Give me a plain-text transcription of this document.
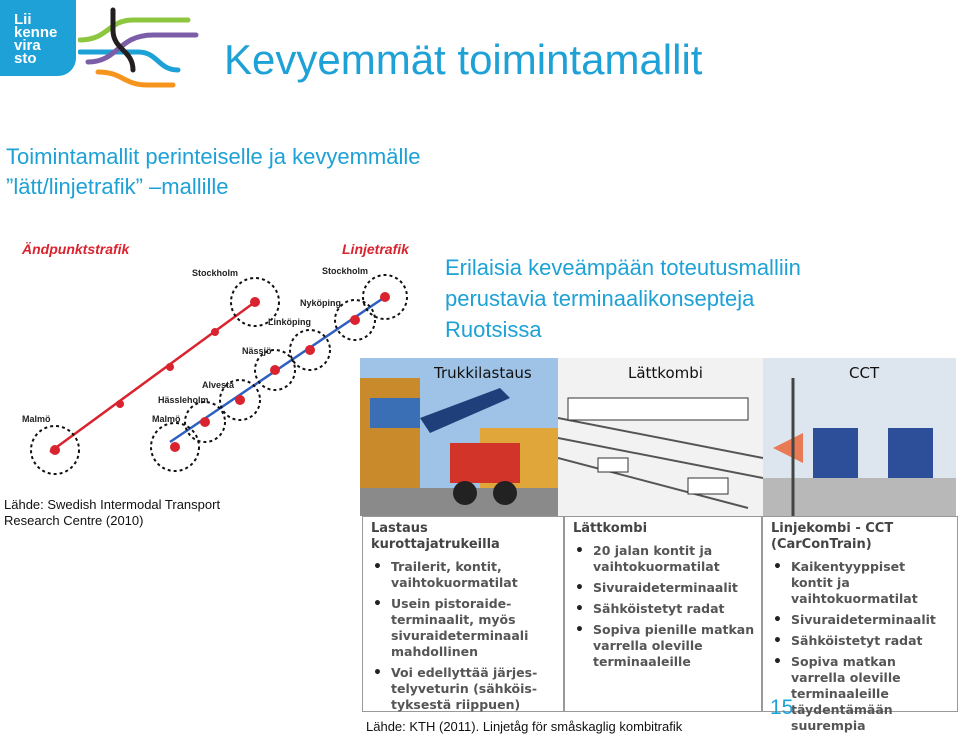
Lii
kenne
vira
sto	Kevyemmät toimintamallit
Toimintamallit perinteiselle ja kevyemmälle
”lätt/linjetrafik” –mallille
Erilaisia keveämpään toteutusmalliin
perustavia terminaalikonsepteja
Ruotsissa
Ändpunktstrafik	Linjetrafik
Stockholm
Nässjö
Alvesta
Hässleholm
Malmö
Stockholm
Nyköping
Linköping
Malmö
Trukkilastaus	Lättkombi	CCT
Lähde: Swedish Intermodal Transport
Research Centre (2010)
Lastaus kurottajatrukeilla
• Trailerit, kontit, vaihtokuormatilat
• Usein pistoraide-terminaalit, myös sivuraideterminaali mahdollinen
• Voi edellyttää järjes-telyveturin (sähköis-tyksestä riippuen)
Lättkombi
• 20 jalan kontit ja vaihtokuormatilat
• Sivuraideterminaalit
• Sähköistetyt radat
• Sopiva pienille matkan varrella oleville terminaaleille
Linjekombi - CCT (CarConTrain)
• Kaikentyyppiset kontit ja vaihtokuormatilat
• Sivuraideterminaalit
• Sähköistetyt radat
• Sopiva matkan varrella oleville terminaaleille täydentämään suurempia
Lähde: KTH (2011). Linjetåg för småskaglig kombitrafik
15
